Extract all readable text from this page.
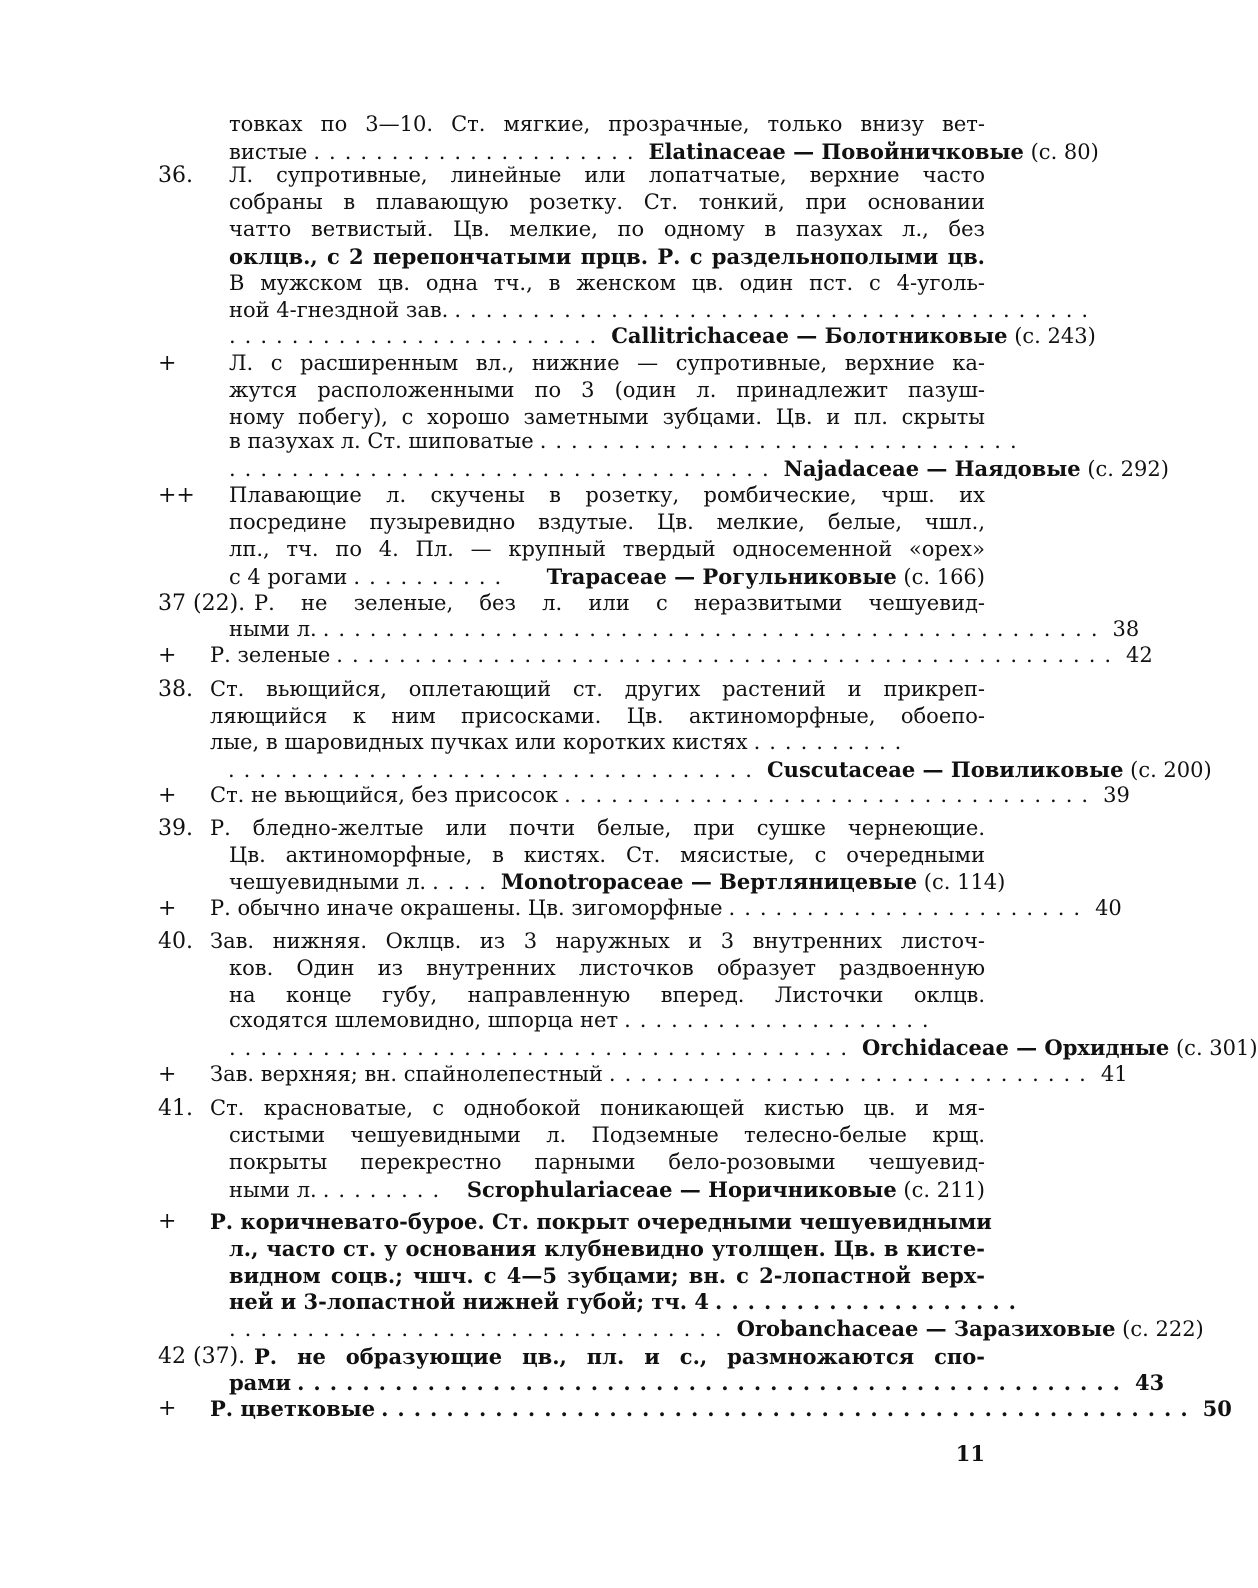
товках по 3—10. Ст. мягкие, прозрачные, только внизу вет-
вистые ..................... Elatinaceae — Повойничковые (с. 80)
36. Л. супротивные, линейные или лопатчатые, верхние часто
собраны в плавающую розетку. Ст. тонкий, при основании
чатто ветвистый. Цв. мелкие, по одному в пазухах л., без
оклцв., с 2 перепончатыми прцв. Р. с раздельнополыми цв.
В мужском цв. одна тч., в женском цв. один пст. с 4-уголь-
ной 4-гнездной зав. .........................................
........................ Callitrichaceae — Болотниковые (с. 243)
+	Л. с расширенным вл., нижние — супротивные, верхние ка-
жутся расположенными по 3 (один л. принадлежит пазуш-
ному побегу), с хорошо заметными зубцами. Цв. и пл. скрыты
в пазухах л. Ст. шиповатые ...............................
................................... Najadaceae — Наядовые (с. 292)
++ Плавающие л. скучены в розетку, ромбические, чрш. их
посредине пузыревидно вздутые. Цв. мелкие, белые, чшл.,
лп., тч. по 4. Пл. — крупный твердый односеменной «орех»
с 4 рогами ..........	Trapaceae — Рогульниковые (с. 166)
37 (22). Р. не зеленые, без л. или с неразвитыми чешуевид-
ными л. .................................................. 38
+ Р. зеленые .................................................. 42
38. Ст. вьющийся, оплетающий ст. других растений и прикреп-
ляющийся к ним присосками. Цв. актиноморфные, обоепо-
лые, в шаровидных пучках или коротких кистях ..........
.................................. Cuscutaceae — Повиликовые (с. 200)
+ Ст. не вьющийся, без присосок .................................. 39
39. Р. бледно-желтые или почти белые, при сушке чернеющие.
Цв. актиноморфные, в кистях. Ст. мясистые, с очередными
чешуевидными л. .... Monotropaceae — Вертляницевые (с. 114)
+ Р. обычно иначе окрашены. Цв. зигоморфные ....................... 40
40. Зав. нижняя. Оклцв. из 3 наружных и 3 внутренних листоч-
ков. Один из внутренних листочков образует раздвоенную
на конце губу, направленную вперед. Листочки оклцв.
сходятся шлемовидно, шпорца нет ....................
........................................ Orchidaceae — Орхидные (с. 301)
+ Зав. верхняя; вн. спайнолепестный ............................... 41
41. Ст. красноватые, с однобокой поникающей кистью цв. и мя-
систыми чешуевидными л. Подземные телесно-белые крщ.
покрыты перекрестно парными бело-розовыми чешуевид-
ными л. ........ Scrophulariaceae — Норичниковые (с. 211)
+ Р. коричневато-бурое. Ст. покрыт очередными чешуевидными
л., часто ст. у основания клубневидно утолщен. Цв. в кисте-
видном соцв.; чшч. с 4—5 зубцами; вн. с 2-лопастной верх-
ней и 3-лопастной нижней губой; тч. 4 ...................
................................ Orobanchaceae — Заразиховые (с. 222)
42 (37). Р. не образующие цв., пл. и с., размножаются спо-
рами ................................................... 43
+ Р. цветковые .................................................. 50
11
